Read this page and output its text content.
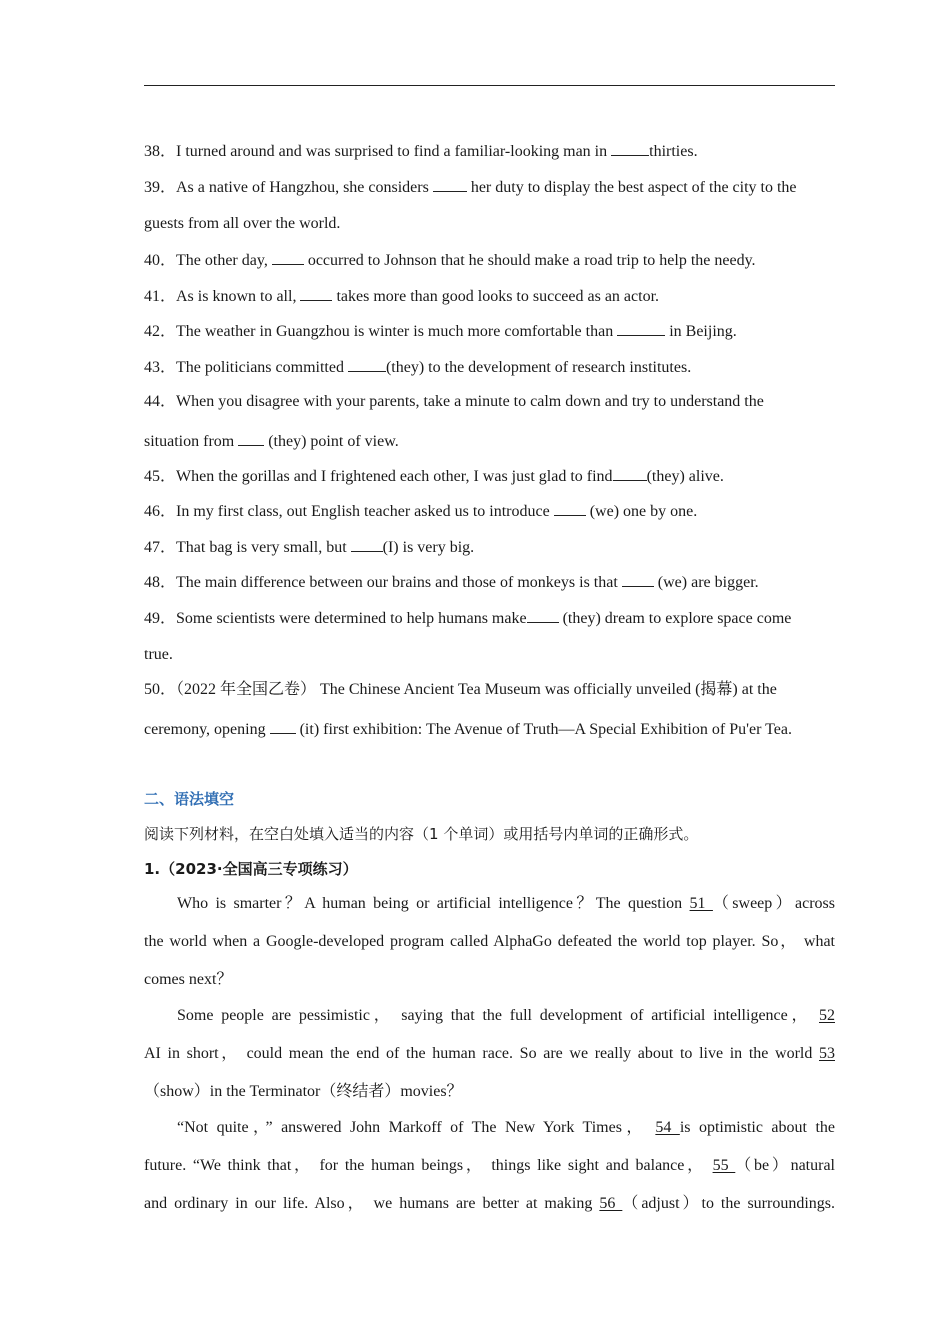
38．I turned around and was surprised to find a familiar-looking man in thirties.
39．As a native of Hangzhou, she considers  her duty to display the best aspect of the city to the
guests from all over the world.
40．The other day,  occurred to Johnson that he should make a road trip to help the needy.
41．As is known to all,  takes more than good looks to succeed as an actor.
42．The weather in Guangzhou is winter is much more comfortable than	in Beijing.
43．The politicians committed (they) to the development of research institutes.
44．When you disagree with your parents, take a minute to calm down and try to understand the
situation from  (they) point of view.
45．When the gorillas and I frightened each other, I was just glad to find (they) alive.
46．In my first class, out English teacher asked us to introduce  (we) one by one.
47．That bag is very small, but (I) is very big.
48．The main difference between our brains and those of monkeys is that  (we) are bigger.
49．Some scientists were determined to help humans make (they) dream to explore space come
true.
50．（2022 年全国乙卷） The Chinese Ancient Tea Museum was officially unveiled (揭幕) at the
ceremony, opening  (it) first exhibition: The Avenue of Truth—A Special Exhibition of Pu'er Tea.
二、语法填空
阅读下列材料，在空白处填入适当的内容（1 个单词）或用括号内单词的正确形式。
1.（2023·全国高三专项练习）
Who is smarter？A human being or artificial intelligence？The question 51 （sweep）across
the world when a Google-developed program called AlphaGo defeated the world top player. So， what
comes next？
Some people are pessimistic， saying that the full development of artificial intelligence， 52
AI in short， could mean the end of the human race. So are we really about to live in the world 53
（show）in the Terminator（终结者）movies？
“Not quite，” answered John Markoff of The New York Times， 54 is optimistic about the
future. “We think that， for the human beings， things like sight and balance， 55 （be）natural
and ordinary in our life. Also， we humans are better at making 56 （adjust）to the surroundings.
